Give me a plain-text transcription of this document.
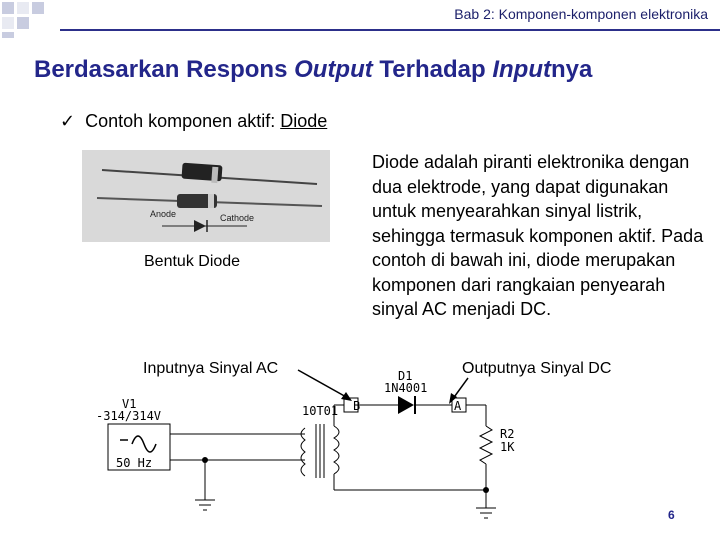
Bab 2: Komponen-komponen elektronika
Berdasarkan Respons Output Terhadap Inputnya
✓ Contoh komponen aktif: Diode
Anode	Cathode
Bentuk Diode
Diode adalah piranti elektronika dengan dua elektrode, yang dapat digunakan untuk menyearahkan sinyal listrik, sehingga termasuk komponen aktif. Pada contoh di bawah ini, diode merupakan komponen dari rangkaian penyearah sinyal AC menjadi DC.
Inputnya Sinyal AC	Outputnya Sinyal DC
V1
-314/314V
50 Hz
10T01 B
D1
1N4001
A
R2
1K
6
